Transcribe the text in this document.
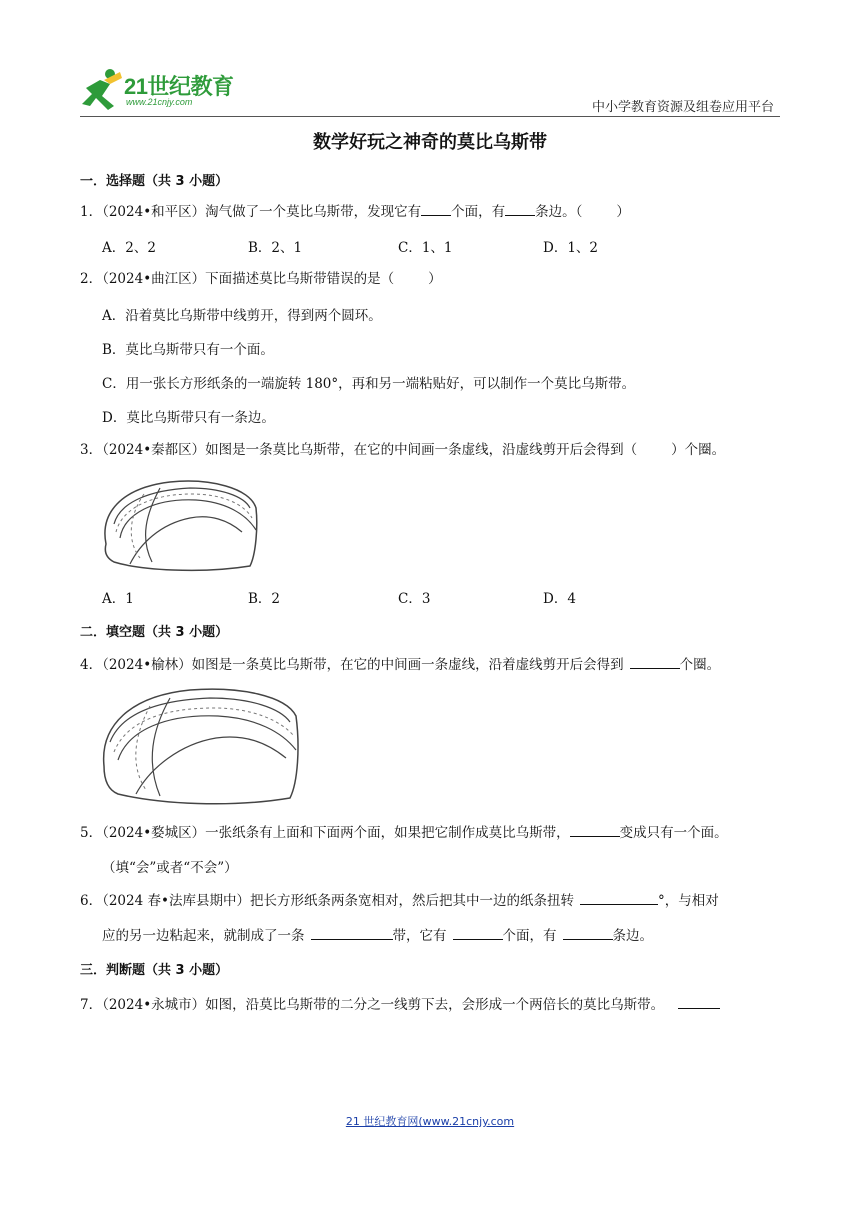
21世纪教育
www.21cnjy.com	中小学教育资源及组卷应用平台
数学好玩之神奇的莫比乌斯带
一．选择题（共 3 小题）
1．（2024•和平区）淘气做了一个莫比乌斯带，发现它有 个面，有 条边。（	）
A．2、2	B．2、1	C．1、1	D．1、2
2．（2024•曲江区）下面描述莫比乌斯带错误的是（	）
A．沿着莫比乌斯带中线剪开，得到两个圆环。
B．莫比乌斯带只有一个面。
C．用一张长方形纸条的一端旋转 180°，再和另一端粘贴好，可以制作一个莫比乌斯带。
D．莫比乌斯带只有一条边。
3．（2024•秦都区）如图是一条莫比乌斯带，在它的中间画一条虚线，沿虚线剪开后会得到（	）个圈。
A．1	B．2	C．3	D．4
二．填空题（共 3 小题）
4．（2024•榆林）如图是一条莫比乌斯带，在它的中间画一条虚线，沿着虚线剪开后会得到	个圈。
5．（2024•婺城区）一张纸条有上面和下面两个面，如果把它制作成莫比乌斯带，	变成只有一个面。
（填“会”或者“不会”）
6．（2024 春•法库县期中）把长方形纸条两条宽相对，然后把其中一边的纸条扭转	°，与相对
应的另一边粘起来，就制成了一条	带，它有	个面，有	条边。
三．判断题（共 3 小题）
7．（2024•永城市）如图，沿莫比乌斯带的二分之一线剪下去，会形成一个两倍长的莫比乌斯带。
21 世纪教育网(www.21cnjy.com
